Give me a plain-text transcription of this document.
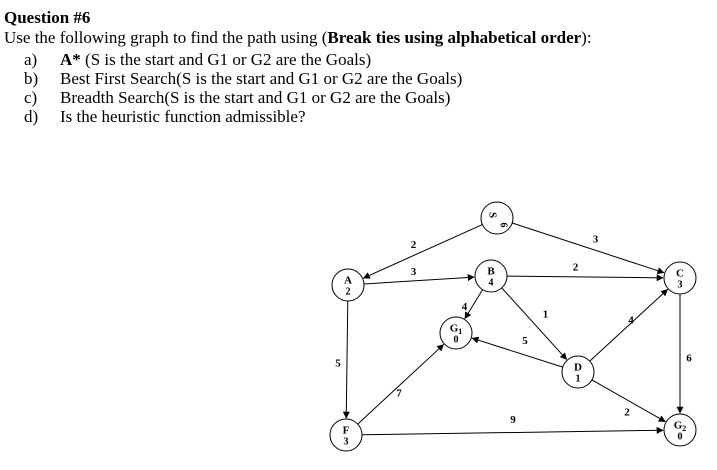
Question #6
Use the following graph to find the path using (Break ties using alphabetical order):
a) A* (S is the start and G1 or G2 are the Goals)
b) Best First Search(S is the start and G1 or G2 are the Goals)
c) Breadth Search(S is the start and G1 or G2 are the Goals)
d) Is the heuristic function admissible?
2	3
3	2
5
4
1
5
7
4
2
6
9
S
6
A
2
B
4
C
3
$G_1$
0
D
1
F
3
$G_2$
0
